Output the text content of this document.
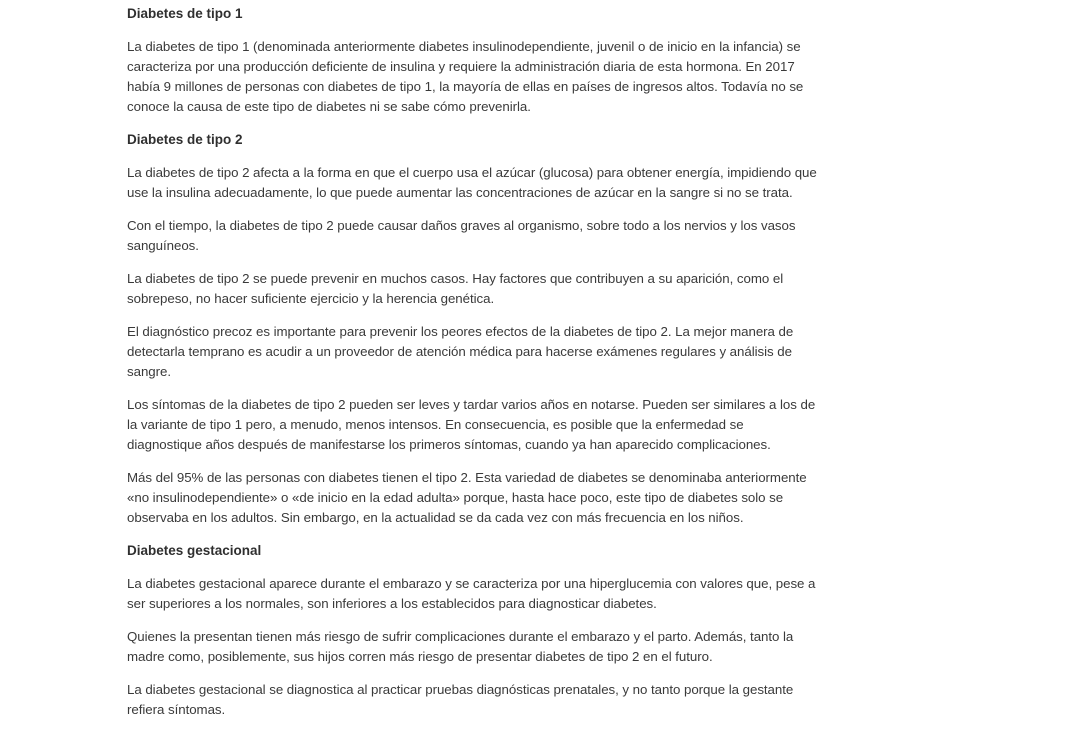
Diabetes de tipo 1

La diabetes de tipo 1 (denominada anteriormente diabetes insulinodependiente, juvenil o de inicio en la infancia) se caracteriza por una producción deficiente de insulina y requiere la administración diaria de esta hormona. En 2017 había 9 millones de personas con diabetes de tipo 1, la mayoría de ellas en países de ingresos altos. Todavía no se conoce la causa de este tipo de diabetes ni se sabe cómo prevenirla.

Diabetes de tipo 2

La diabetes de tipo 2 afecta a la forma en que el cuerpo usa el azúcar (glucosa) para obtener energía, impidiendo que use la insulina adecuadamente, lo que puede aumentar las concentraciones de azúcar en la sangre si no se trata.

Con el tiempo, la diabetes de tipo 2 puede causar daños graves al organismo, sobre todo a los nervios y los vasos sanguíneos.

La diabetes de tipo 2 se puede prevenir en muchos casos. Hay factores que contribuyen a su aparición, como el sobrepeso, no hacer suficiente ejercicio y la herencia genética.

El diagnóstico precoz es importante para prevenir los peores efectos de la diabetes de tipo 2. La mejor manera de detectarla temprano es acudir a un proveedor de atención médica para hacerse exámenes regulares y análisis de sangre.

Los síntomas de la diabetes de tipo 2 pueden ser leves y tardar varios años en notarse. Pueden ser similares a los de la variante de tipo 1 pero, a menudo, menos intensos. En consecuencia, es posible que la enfermedad se diagnostique años después de manifestarse los primeros síntomas, cuando ya han aparecido complicaciones.

Más del 95% de las personas con diabetes tienen el tipo 2. Esta variedad de diabetes se denominaba anteriormente «no insulinodependiente» o «de inicio en la edad adulta» porque, hasta hace poco, este tipo de diabetes solo se observaba en los adultos. Sin embargo, en la actualidad se da cada vez con más frecuencia en los niños.

Diabetes gestacional

La diabetes gestacional aparece durante el embarazo y se caracteriza por una hiperglucemia con valores que, pese a ser superiores a los normales, son inferiores a los establecidos para diagnosticar diabetes.

Quienes la presentan tienen más riesgo de sufrir complicaciones durante el embarazo y el parto. Además, tanto la madre como, posiblemente, sus hijos corren más riesgo de presentar diabetes de tipo 2 en el futuro.

La diabetes gestacional se diagnostica al practicar pruebas diagnósticas prenatales, y no tanto porque la gestante refiera síntomas.
